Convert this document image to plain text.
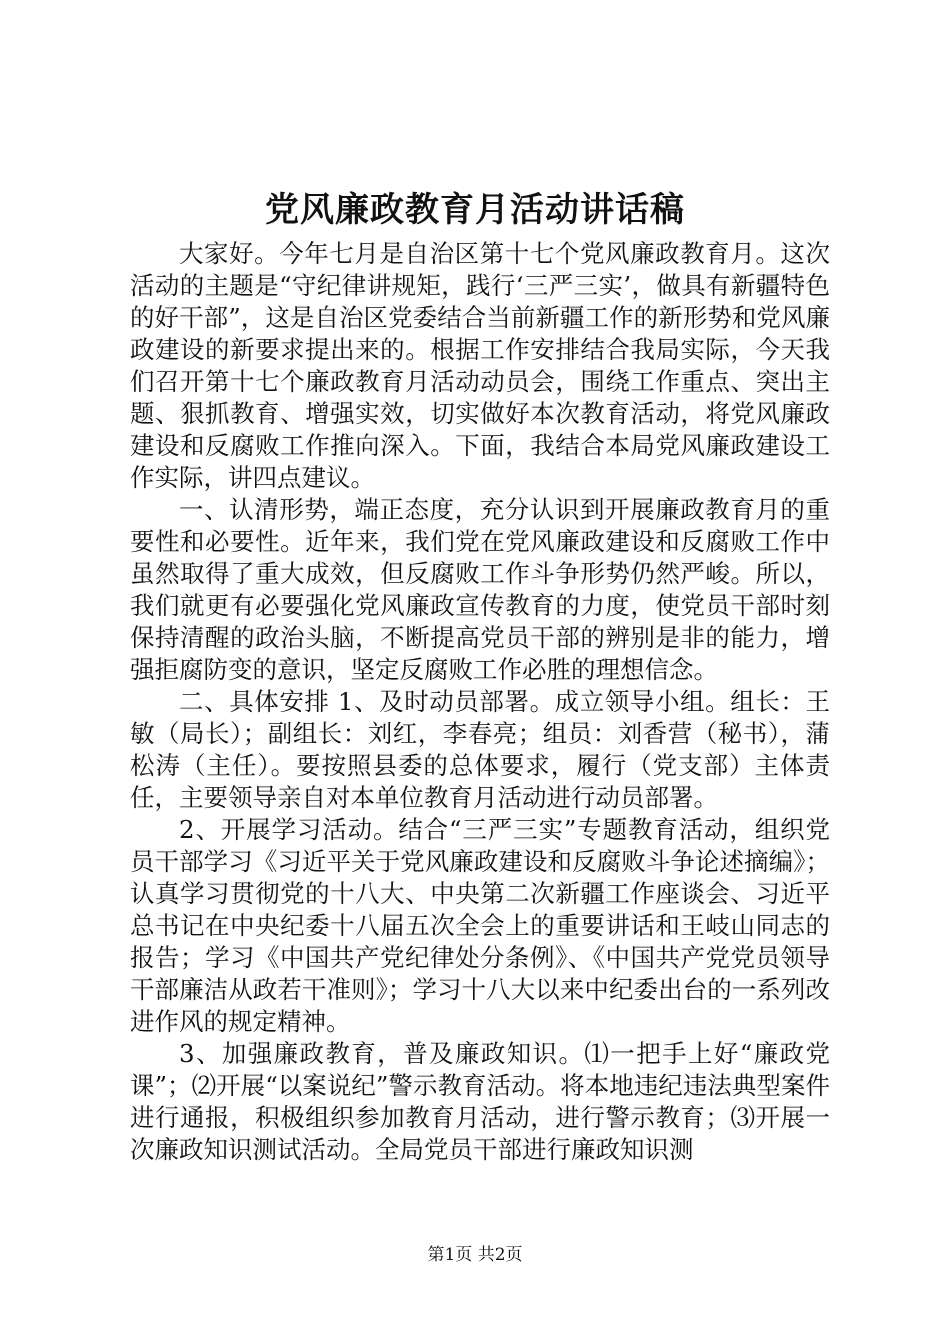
党风廉政教育月活动讲话稿

大家好。今年七月是自治区第十七个党风廉政教育月。这次活动的主题是“守纪律讲规矩，践行‘三严三实’，做具有新疆特色的好干部”，这是自治区党委结合当前新疆工作的新形势和党风廉政建设的新要求提出来的。根据工作安排结合我局实际，今天我们召开第十七个廉政教育月活动动员会，围绕工作重点、突出主题、狠抓教育、增强实效，切实做好本次教育活动，将党风廉政建设和反腐败工作推向深入。下面，我结合本局党风廉政建设工作实际，讲四点建议。

一、认清形势，端正态度，充分认识到开展廉政教育月的重要性和必要性。近年来，我们党在党风廉政建设和反腐败工作中虽然取得了重大成效，但反腐败工作斗争形势仍然严峻。所以，我们就更有必要强化党风廉政宣传教育的力度，使党员干部时刻保持清醒的政治头脑，不断提高党员干部的辨别是非的能力，增强拒腐防变的意识，坚定反腐败工作必胜的理想信念。

二、具体安排 1、及时动员部署。成立领导小组。组长：王敏（局长）；副组长：刘红，李春亮；组员：刘香营（秘书），蒲松涛（主任）。要按照县委的总体要求，履行（党支部）主体责任，主要领导亲自对本单位教育月活动进行动员部署。

2、开展学习活动。结合“三严三实”专题教育活动，组织党员干部学习《习近平关于党风廉政建设和反腐败斗争论述摘编》；认真学习贯彻党的十八大、中央第二次新疆工作座谈会、习近平总书记在中央纪委十八届五次全会上的重要讲话和王岐山同志的报告；学习《中国共产党纪律处分条例》、《中国共产党党员领导干部廉洁从政若干准则》；学习十八大以来中纪委出台的一系列改进作风的规定精神。

3、加强廉政教育，普及廉政知识。⑴一把手上好“廉政党课”；⑵开展“以案说纪”警示教育活动。将本地违纪违法典型案件进行通报，积极组织参加教育月活动，进行警示教育；⑶开展一次廉政知识测试活动。全局党员干部进行廉政知识测

第1页 共2页
